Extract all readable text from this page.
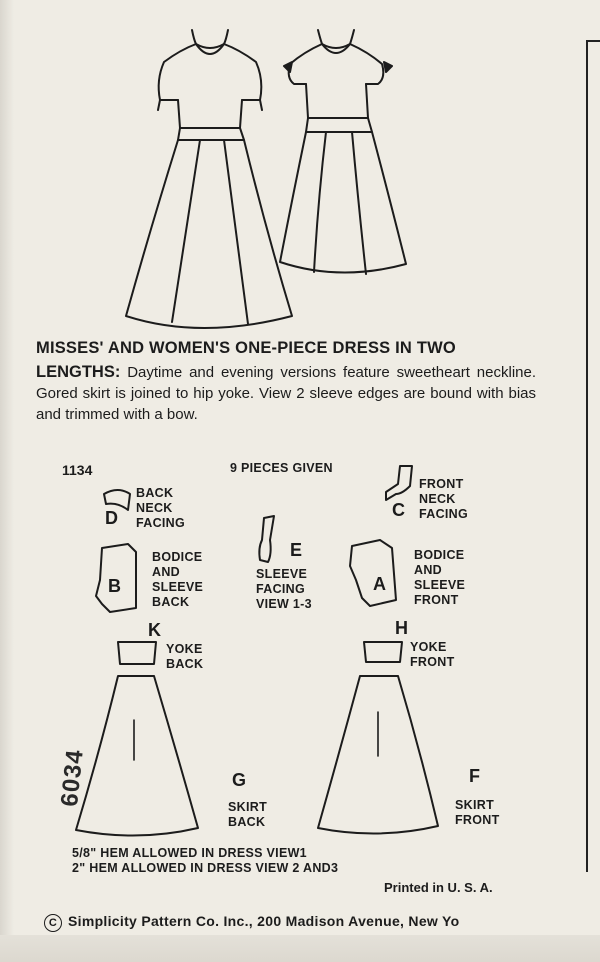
MISSES' AND WOMEN'S ONE-PIECE DRESS IN TWO
LENGTHS: Daytime and evening versions feature sweetheart neckline. Gored skirt is joined to hip yoke. View 2 sleeve edges are bound with bias and trimmed with a bow.
1134	9 PIECES GIVEN
D
BACK
NECK
FACING
C
FRONT
NECK
FACING
B
BODICE
AND
SLEEVE
BACK
E
SLEEVE
FACING
VIEW 1-3
A
BODICE
AND
SLEEVE
FRONT
K
YOKE
BACK
H
YOKE
FRONT
G
SKIRT
BACK
F
SKIRT
FRONT
6034
5/8" HEM ALLOWED IN DRESS VIEW1
2" HEM ALLOWED IN DRESS VIEW 2 AND3
Printed in U. S. A.
C Simplicity Pattern Co. Inc., 200 Madison Avenue, New Yo
